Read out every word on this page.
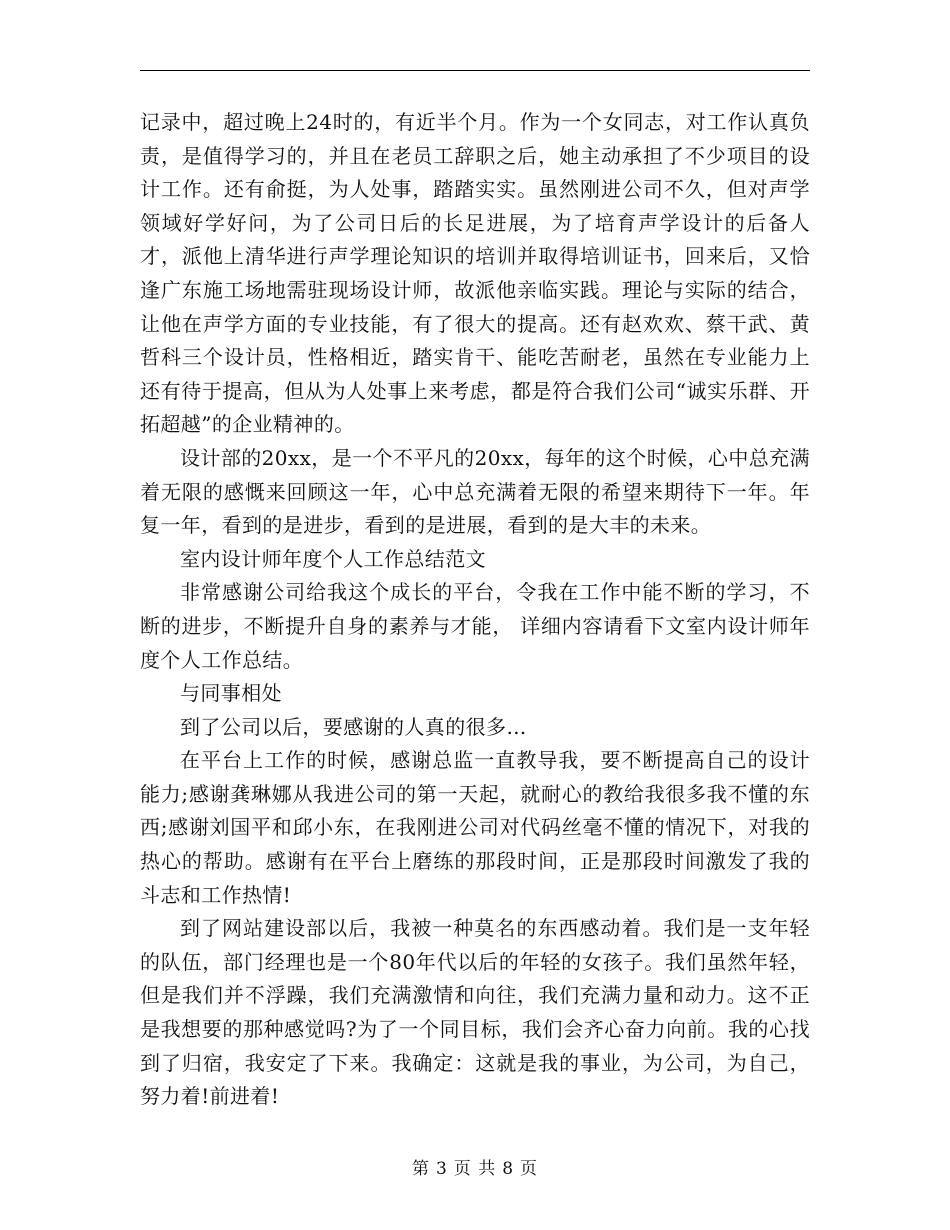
记录中，超过晚上24时的，有近半个月。作为一个女同志，对工作认真负责，是值得学习的，并且在老员工辞职之后，她主动承担了不少项目的设计工作。还有俞挺，为人处事，踏踏实实。虽然刚进公司不久，但对声学领域好学好问，为了公司日后的长足进展，为了培育声学设计的后备人才，派他上清华进行声学理论知识的培训并取得培训证书，回来后，又恰逢广东施工场地需驻现场设计师，故派他亲临实践。理论与实际的结合，让他在声学方面的专业技能，有了很大的提高。还有赵欢欢、蔡干武、黄哲科三个设计员，性格相近，踏实肯干、能吃苦耐老，虽然在专业能力上还有待于提高，但从为人处事上来考虑，都是符合我们公司“诚实乐群、开拓超越”的企业精神的。

设计部的20xx，是一个不平凡的20xx，每年的这个时候，心中总充满着无限的感慨来回顾这一年，心中总充满着无限的希望来期待下一年。年复一年，看到的是进步，看到的是进展，看到的是大丰的未来。

室内设计师年度个人工作总结范文

非常感谢公司给我这个成长的平台，令我在工作中能不断的学习，不断的进步，不断提升自身的素养与才能， 详细内容请看下文室内设计师年度个人工作总结。

与同事相处

到了公司以后，要感谢的人真的很多…

在平台上工作的时候，感谢总监一直教导我，要不断提高自己的设计能力;感谢龚琳娜从我进公司的第一天起，就耐心的教给我很多我不懂的东西;感谢刘国平和邱小东，在我刚进公司对代码丝毫不懂的情况下，对我的热心的帮助。感谢有在平台上磨练的那段时间，正是那段时间激发了我的斗志和工作热情!

到了网站建设部以后，我被一种莫名的东西感动着。我们是一支年轻的队伍，部门经理也是一个80年代以后的年轻的女孩子。我们虽然年轻，但是我们并不浮躁，我们充满激情和向往，我们充满力量和动力。这不正是我想要的那种感觉吗?为了一个同目标，我们会齐心奋力向前。我的心找到了归宿，我安定了下来。我确定：这就是我的事业，为公司，为自己，努力着!前进着!

第 3 页 共 8 页
